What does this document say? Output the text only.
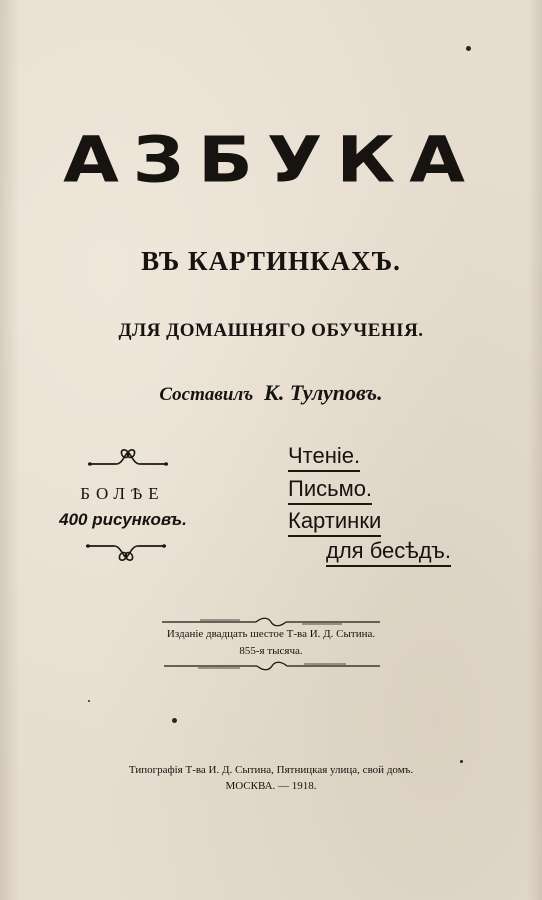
АЗБУКА
ВЪ КАРТИНКАХЪ.
ДЛЯ ДОМАШНЯГО ОБУЧЕНІЯ.
Составилъ К. Тулуповъ.
БОЛѢЕ
400 рисунковъ.
Чтеніе.
Письмо.
Картинки
для бесѣдъ.
Изданіе двадцать шестое Т-ва И. Д. Сытина.
855-я тысяча.
Типографія Т-ва И. Д. Сытина, Пятницкая улица, свой домъ.
МОСКВА. — 1918.
